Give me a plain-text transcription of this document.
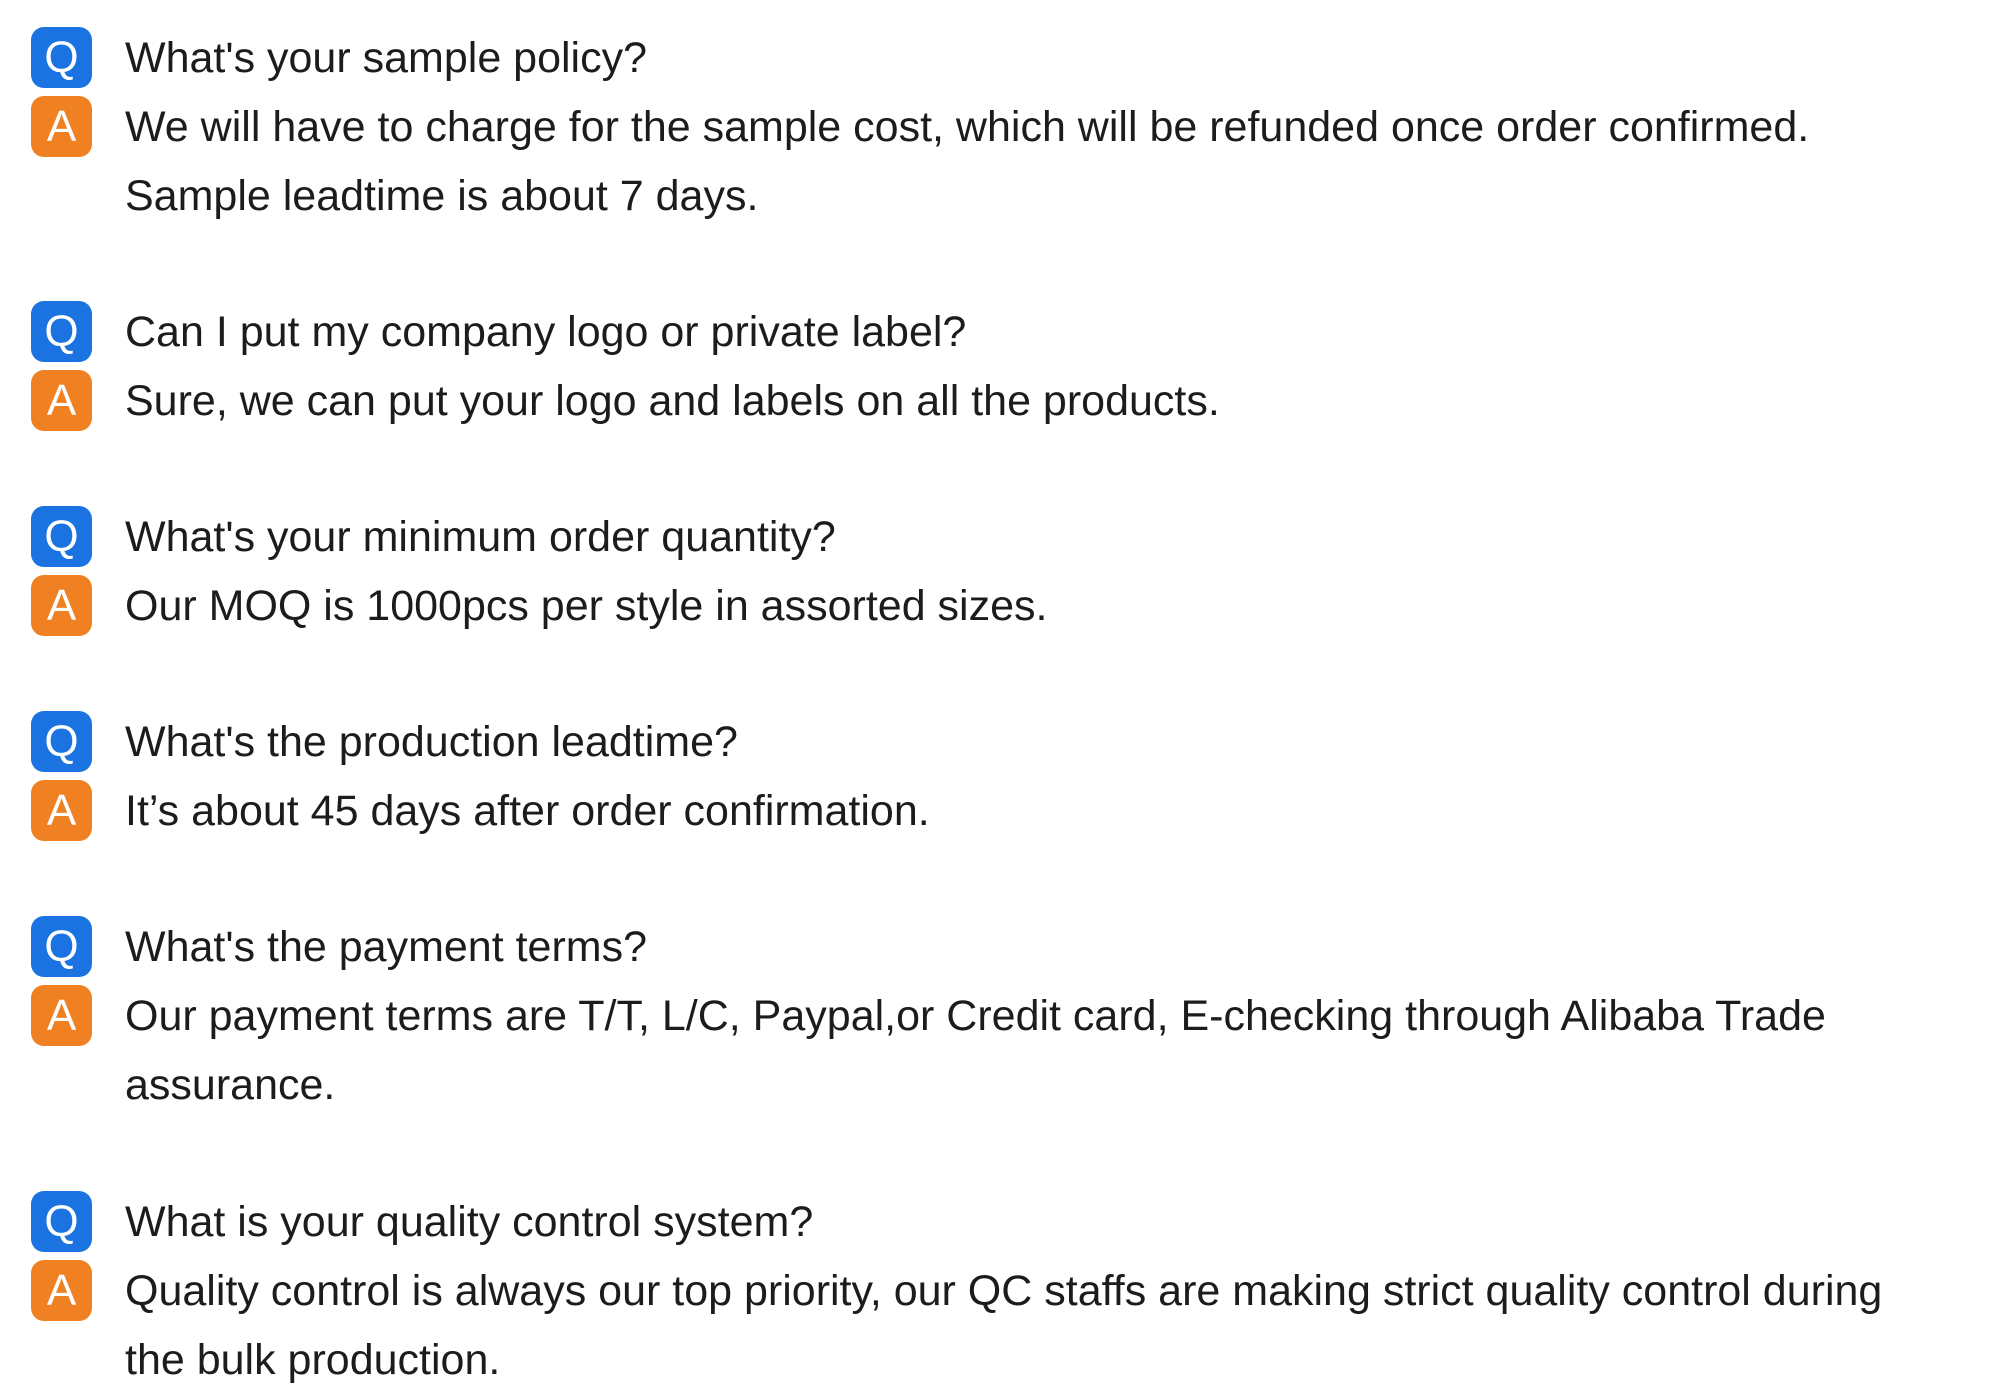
Q	What's your sample policy?
A	We will have to charge for the sample cost, which will be refunded once order confirmed.
Sample leadtime is about 7 days.
Q	Can I put my company logo or private label?
A	Sure, we can put your logo and labels on all the products.
Q	What's your minimum order quantity?
A	Our MOQ is 1000pcs per style in assorted sizes.
Q	What's the production leadtime?
A	It’s about 45 days after order confirmation.
Q	What's the payment terms?
A	Our payment terms are T/T, L/C, Paypal,or Credit card, E-checking through Alibaba Trade
assurance.
Q	What is your quality control system?
A	Quality control is always our top priority, our QC staffs are making strict quality control during
the bulk production.
